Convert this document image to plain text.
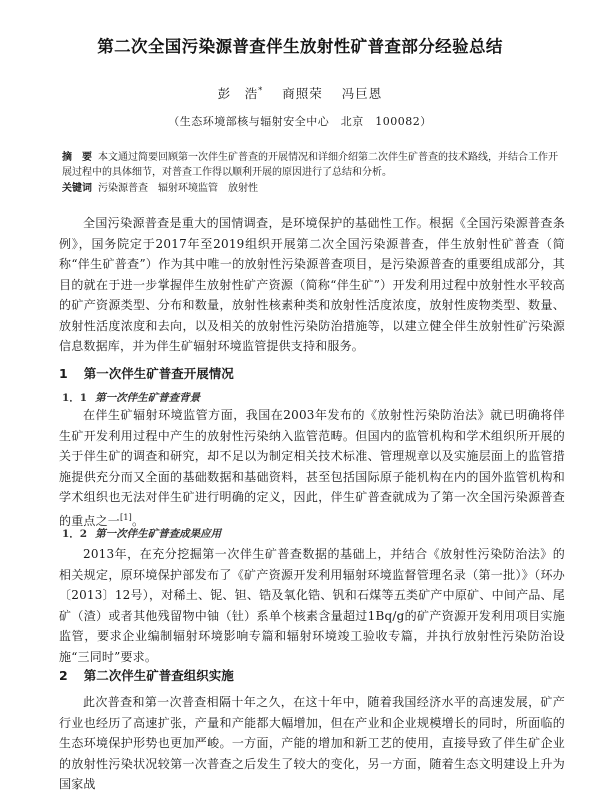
第二次全国污染源普查伴生放射性矿普查部分经验总结
彭　浩* 商照荣 冯巨恩
（生态环境部核与辐射安全中心　北京　100082）
摘　要 本文通过简要回顾第一次伴生矿普查的开展情况和详细介绍第二次伴生矿普查的技术路线，并结合工作开展过程中的具体细节，对普查工作得以顺利开展的原因进行了总结和分析。
关键词 污染源普查　辐射环境监管　放射性

全国污染源普查是重大的国情调查，是环境保护的基础性工作。根据《全国污染源普查条例》，国务院定于2017年至2019组织开展第二次全国污染源普查，伴生放射性矿普查（简称“伴生矿普查”）作为其中唯一的放射性污染源普查项目，是污染源普查的重要组成部分，其目的就在于进一步掌握伴生放射性矿产资源（简称“伴生矿”）开发利用过程中放射性水平较高的矿产资源类型、分布和数量，放射性核素种类和放射性活度浓度，放射性废物类型、数量、放射性活度浓度和去向，以及相关的放射性污染防治措施等，以建立健全伴生放射性矿污染源信息数据库，并为伴生矿辐射环境监管提供支持和服务。

1 第一次伴生矿普查开展情况
1．1 第一次伴生矿普查背景

在伴生矿辐射环境监管方面，我国在2003年发布的《放射性污染防治法》就已明确将伴生矿开发利用过程中产生的放射性污染纳入监管范畴。但国内的监管机构和学术组织所开展的关于伴生矿的调查和研究，却不足以为制定相关技术标准、管理规章以及实施层面上的监管措施提供充分而又全面的基础数据和基础资料，甚至包括国际原子能机构在内的国外监管机构和学术组织也无法对伴生矿进行明确的定义，因此，伴生矿普查就成为了第一次全国污染源普查的重点之一[1]。

1．2 第一次伴生矿普查成果应用

2013年，在充分挖掘第一次伴生矿普查数据的基础上，并结合《放射性污染防治法》的相关规定，原环境保护部发布了《矿产资源开发利用辐射环境监督管理名录（第一批）》（环办〔2013〕12号），对稀土、铌、钽、锆及氧化锆、钒和石煤等五类矿产中原矿、中间产品、尾矿（渣）或者其他残留物中铀（钍）系单个核素含量超过1Bq/g的矿产资源开发利用项目实施监管，要求企业编制辐射环境影响专篇和辐射环境竣工验收专篇，并执行放射性污染防治设施“三同时”要求。

2 第二次伴生矿普查组织实施

此次普查和第一次普查相隔十年之久，在这十年中，随着我国经济水平的高速发展，矿产行业也经历了高速扩张，产量和产能都大幅增加，但在产业和企业规模增长的同时，所面临的生态环境保护形势也更加严峻。一方面，产能的增加和新工艺的使用，直接导致了伴生矿企业的放射性污染状况较第一次普查之后发生了较大的变化，另一方面，随着生态文明建设上升为国家战
